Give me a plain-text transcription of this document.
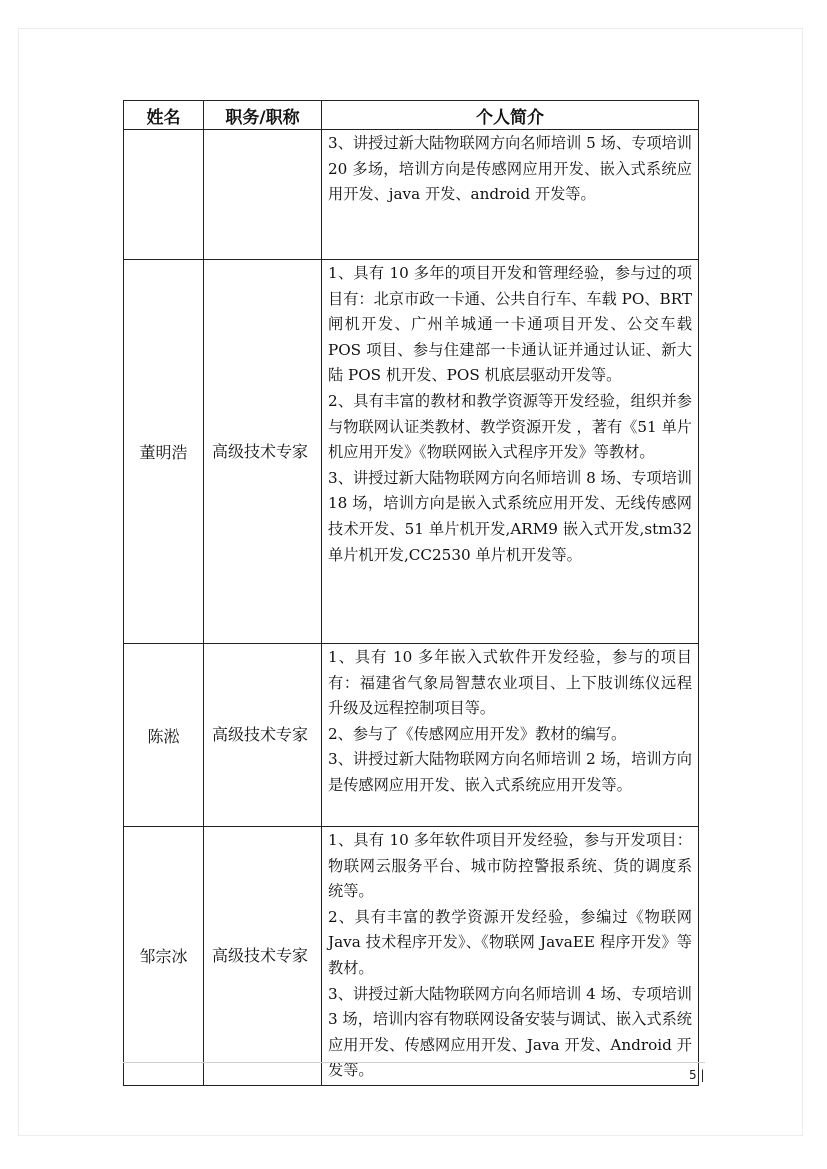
姓名	职务/职称	个人简介

		3、讲授过新大陆物联网方向名师培训 5 场、专项培训 20 多场，培训方向是传感网应用开发、嵌入式系统应用开发、java 开发、android 开发等。

董明浩	高级技术专家	1、具有 10 多年的项目开发和管理经验，参与过的项目有：北京市政一卡通、公共自行车、车载 PO、BRT 闸机开发、广州羊城通一卡通项目开发、公交车载 POS 项目、参与住建部一卡通认证并通过认证、新大陆 POS 机开发、POS 机底层驱动开发等。

2、具有丰富的教材和教学资源等开发经验，组织并参与物联网认证类教材、教学资源开发 ，著有《51 单片机应用开发》《物联网嵌入式程序开发》等教材。

3、讲授过新大陆物联网方向名师培训 8 场、专项培训 18 场，培训方向是嵌入式系统应用开发、无线传感网技术开发、51 单片机开发,ARM9 嵌入式开发,stm32 单片机开发,CC2530 单片机开发等。

陈淞	高级技术专家	1、具有 10 多年嵌入式软件开发经验，参与的项目有：福建省气象局智慧农业项目、上下肢训练仪远程升级及远程控制项目等。

2、参与了《传感网应用开发》教材的编写。

3、讲授过新大陆物联网方向名师培训 2 场，培训方向是传感网应用开发、嵌入式系统应用开发等。

邹宗冰	高级技术专家	1、具有 10 多年软件项目开发经验，参与开发项目：物联网云服务平台、城市防控警报系统、货的调度系统等。

2、具有丰富的教学资源开发经验，参编过《物联网 Java 技术程序开发》、《物联网 JavaEE 程序开发》等教材。

3、讲授过新大陆物联网方向名师培训 4 场、专项培训 3 场，培训内容有物联网设备安装与调试、嵌入式系统应用开发、传感网应用开发、Java 开发、Android 开发等。	5 |
